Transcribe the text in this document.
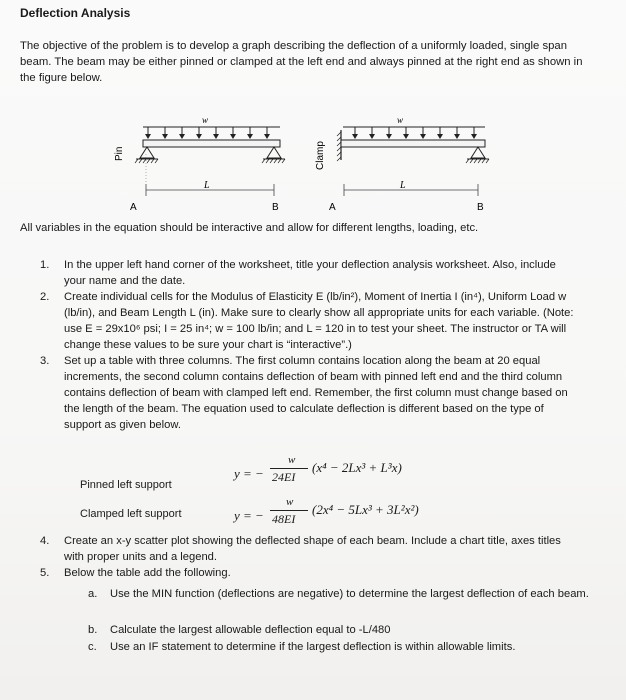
Deflection Analysis
The objective of the problem is to develop a graph describing the deflection of a uniformly loaded, single span beam. The beam may be either pinned or clamped at the left end and always pinned at the right end as shown in the figure below.
w
Pin
L
A	B
w
Clamp
L
A	B
All variables in the equation should be interactive and allow for different lengths, loading, etc.
1. In the upper left hand corner of the worksheet, title your deflection analysis worksheet. Also, include your name and the date.
2. Create individual cells for the Modulus of Elasticity E (lb/in²), Moment of Inertia I (in⁴), Uniform Load w (lb/in), and Beam Length L (in). Make sure to clearly show all appropriate units for each variable. (Note: use E = 29x10⁶ psi; I = 25 in⁴; w = 100 lb/in; and L = 120 in to test your sheet. The instructor or TA will change these values to be sure your chart is “interactive”.)
3. Set up a table with three columns. The first column contains location along the beam at 20 equal increments, the second column contains deflection of beam with pinned left end and the third column contains deflection of beam with clamped left end. Remember, the first column must change based on the length of the beam. The equation used to calculate deflection is different based on the type of support as given below.
Pinned left support
y = −
w
24EI
(x⁴ − 2Lx³ + L³x)
Clamped left support	y = −
w
48EI
(2x⁴ − 5Lx³ + 3L²x²)
4. Create an x-y scatter plot showing the deflected shape of each beam. Include a chart title, axes titles with proper units and a legend.
5. Below the table add the following.
a. Use the MIN function (deflections are negative) to determine the largest deflection of each beam.
b. Calculate the largest allowable deflection equal to -L/480
c. Use an IF statement to determine if the largest deflection is within allowable limits.
